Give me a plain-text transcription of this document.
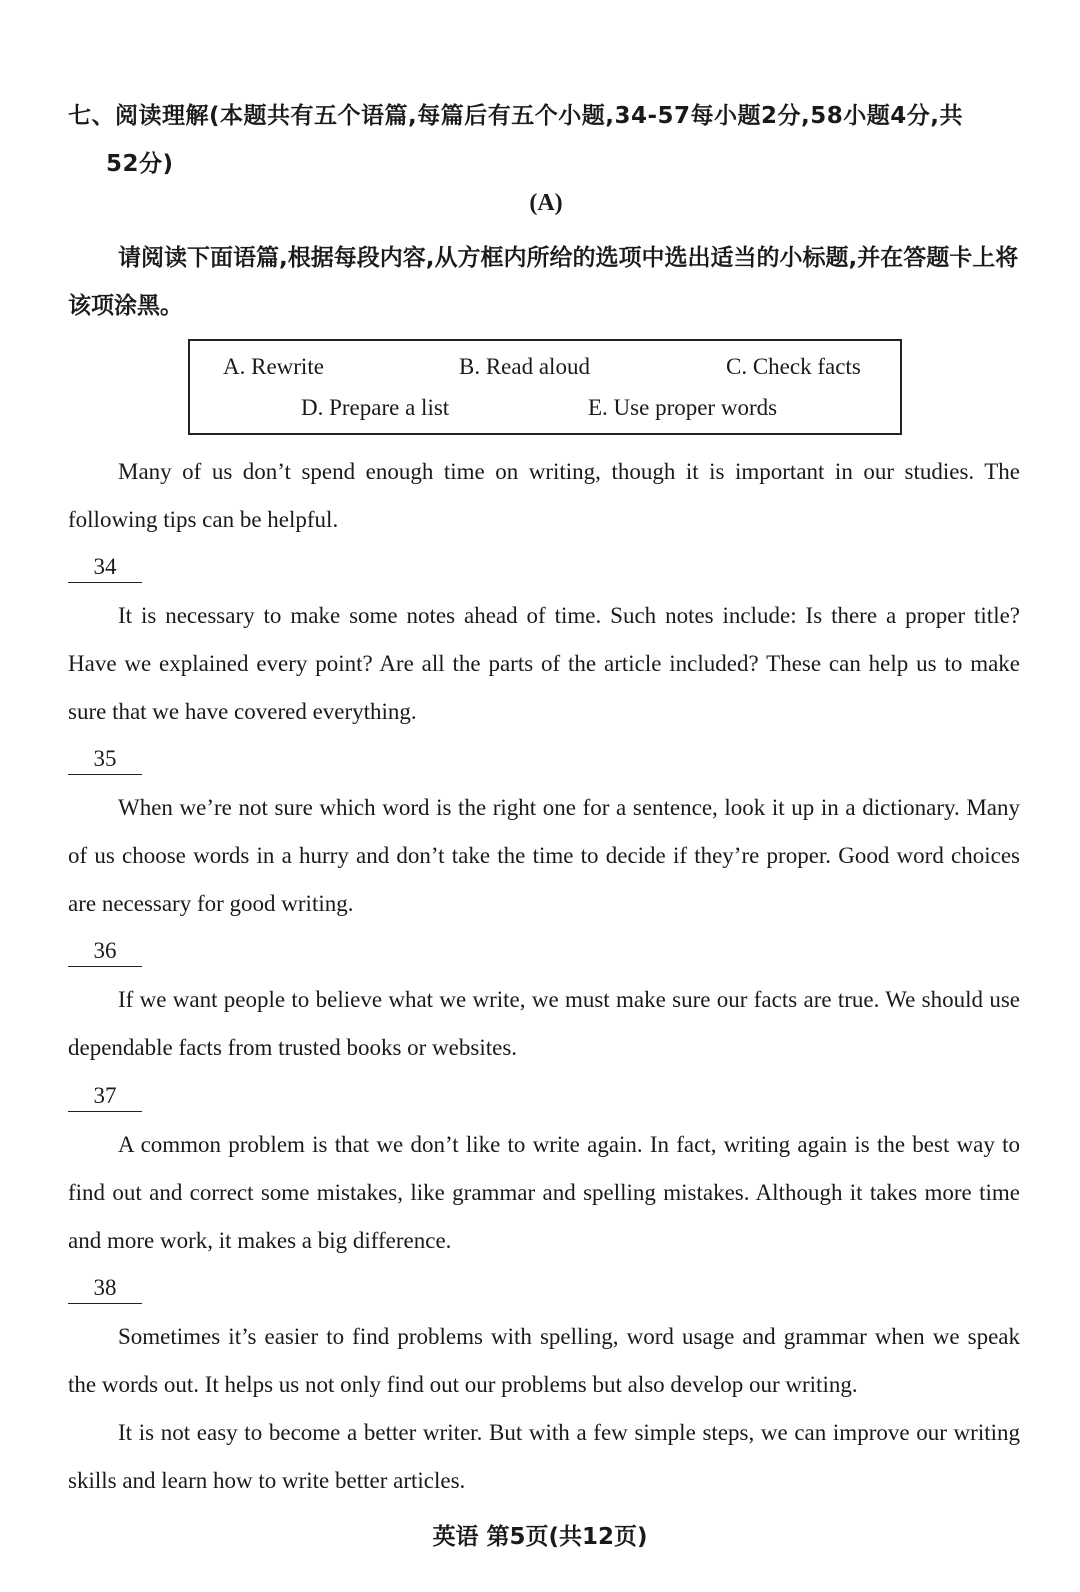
七、阅读理解(本题共有五个语篇,每篇后有五个小题,34-57每小题2分,58小题4分,共
52分)
(A)
请阅读下面语篇,根据每段内容,从方框内所给的选项中选出适当的小标题,并在答题卡上将该项涂黑。
A. Rewrite	B. Read aloud	C. Check facts
D. Prepare a list	E. Use proper words
Many of us don’t spend enough time on writing, though it is important in our studies. The following tips can be helpful.
34
It is necessary to make some notes ahead of time. Such notes include: Is there a proper title? Have we explained every point? Are all the parts of the article included? These can help us to make sure that we have covered everything.
35
When we’re not sure which word is the right one for a sentence, look it up in a dictionary. Many of us choose words in a hurry and don’t take the time to decide if they’re proper. Good word choices are necessary for good writing.
36
If we want people to believe what we write, we must make sure our facts are true. We should use dependable facts from trusted books or websites.
37
A common problem is that we don’t like to write again. In fact, writing again is the best way to find out and correct some mistakes, like grammar and spelling mistakes. Although it takes more time and more work, it makes a big difference.
38
Sometimes it’s easier to find problems with spelling, word usage and grammar when we speak the words out. It helps us not only find out our problems but also develop our writing.
It is not easy to become a better writer. But with a few simple steps, we can improve our writing skills and learn how to write better articles.
英语 第5页(共12页)
